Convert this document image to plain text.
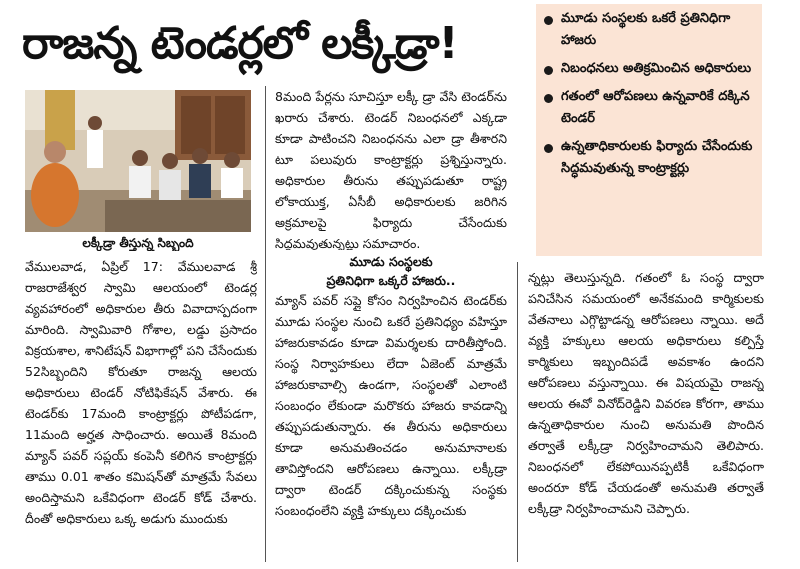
రాజన్న టెండర్లలో లక్కీడ్రా!	మూడు సంస్థలకు ఒకరే ప్రతినిధిగా హాజరు
నిబంధనలు అతిక్రమించిన అధికారులు
గతంలో ఆరోపణలు ఉన్నవారికే దక్కిన టెండర్
ఉన్నతాధికారులకు ఫిర్యాదు చేసేందుకు సిద్ధమవుతున్న కాంట్రాక్టర్లు
లక్కీడ్రా తీస్తున్న సిబ్బంది
వేములవాడ, ఏప్రిల్ 17: వేములవాడ శ్రీ రాజరాజేశ్వర స్వామి ఆలయంలో టెండర్ల వ్యవహారంలో అధికారుల తీరు వివాదాస్పదంగా మారింది. స్వామివారి గోశాల, లడ్డు ప్రసాదం విక్రయశాల, శానిటేషన్ విభాగాల్లో పని చేసేందుకు 52సిబ్బందిని కోరుతూ రాజన్న ఆలయ అధికారులు టెండర్ నోటిఫికేషన్ వేశారు. ఈ టెండర్‌కు 17మంది కాంట్రాక్టర్లు పోటీపడగా, 11మంది అర్హత సాధించారు. అయితే 8మంది మ్యాన్ పవర్ సప్లయ్ కంపెనీ కలిగిన కాంట్రాక్టర్లు తాము 0.01 శాతం కమిషన్‌తో మాత్రమే సేవలు అందిస్తామని ఒకేవిధంగా టెండర్ కోడ్ చేశారు. దీంతో అధికారులు ఒక్క అడుగు ముందుకు
8మంది పేర్లను సూచిస్తూ లక్కీ డ్రా వేసి టెండర్‌ను ఖరారు చేశారు. టెండర్ నిబంధనలో ఎక్కడా కూడా పాటించని నిబంధనను ఎలా డ్రా తీశారని టూ పలువురు కాంట్రాక్టర్లు ప్రశ్నిస్తున్నారు. అధికారుల తీరును తప్పుపడుతూ రాష్ట్ర లోకాయుక్త, ఏసీబీ అధికారులకు జరిగిన అక్రమాలపై ఫిర్యాదు చేసేందుకు సిద్ధమవుతున్నట్లు సమాచారం.
మూడు సంస్థలకు
ప్రతినిధిగా ఒక్కరే హాజరు..
మ్యాన్ పవర్ సప్లై కోసం నిర్వహించిన టెండర్‌కు మూడు సంస్థల నుంచి ఒకరే ప్రతినిధ్యం వహిస్తూ హాజరుకావడం కూడా విమర్శలకు దారితీస్తోంది. సంస్థ నిర్వాహకులు లేదా ఏజెంట్ మాత్రమే హాజరుకావాల్సి ఉండగా, సంస్థలతో ఎలాంటి సంబంధం లేకుండా మరొకరు హాజరు కావడాన్ని తప్పుపడుతున్నారు. ఈ తీరును అధికారులు కూడా అనుమతించడం అనుమానాలకు తావిస్తోందని ఆరోపణలు ఉన్నాయి. లక్కీడ్రా ద్వారా టెండర్ దక్కించుకున్న సంస్థకు సంబంధంలేని వ్యక్తి హక్కులు దక్కించుకు
న్నట్లు తెలుస్తున్నది. గతంలో ఓ సంస్థ ద్వారా పనిచేసిన సమయంలో అనేకమంది కార్మికులకు వేతనాలు ఎగ్గొట్టాడన్న ఆరోపణలు న్నాయి. అదే వ్యక్తి హక్కులు ఆలయ అధికారులు కల్పిస్తే కార్మికులు ఇబ్బందిపడే అవకాశం ఉందని ఆరోపణలు వస్తున్నాయి. ఈ విషయమై రాజన్న ఆలయ ఈవో వినోద్‌రెడ్డిని వివరణ కోరగా, తాము ఉన్నతాధికారుల నుంచి అనుమతి పొందిన తర్వాతే లక్కీడ్రా నిర్వహించామని తెలిపారు. నిబంధనలో లేకపోయినప్పటికీ ఒకేవిధంగా అందరూ కోడ్ చేయడంతో అనుమతి తర్వాతే లక్కీడ్రా నిర్వహించామని చెప్పారు.
